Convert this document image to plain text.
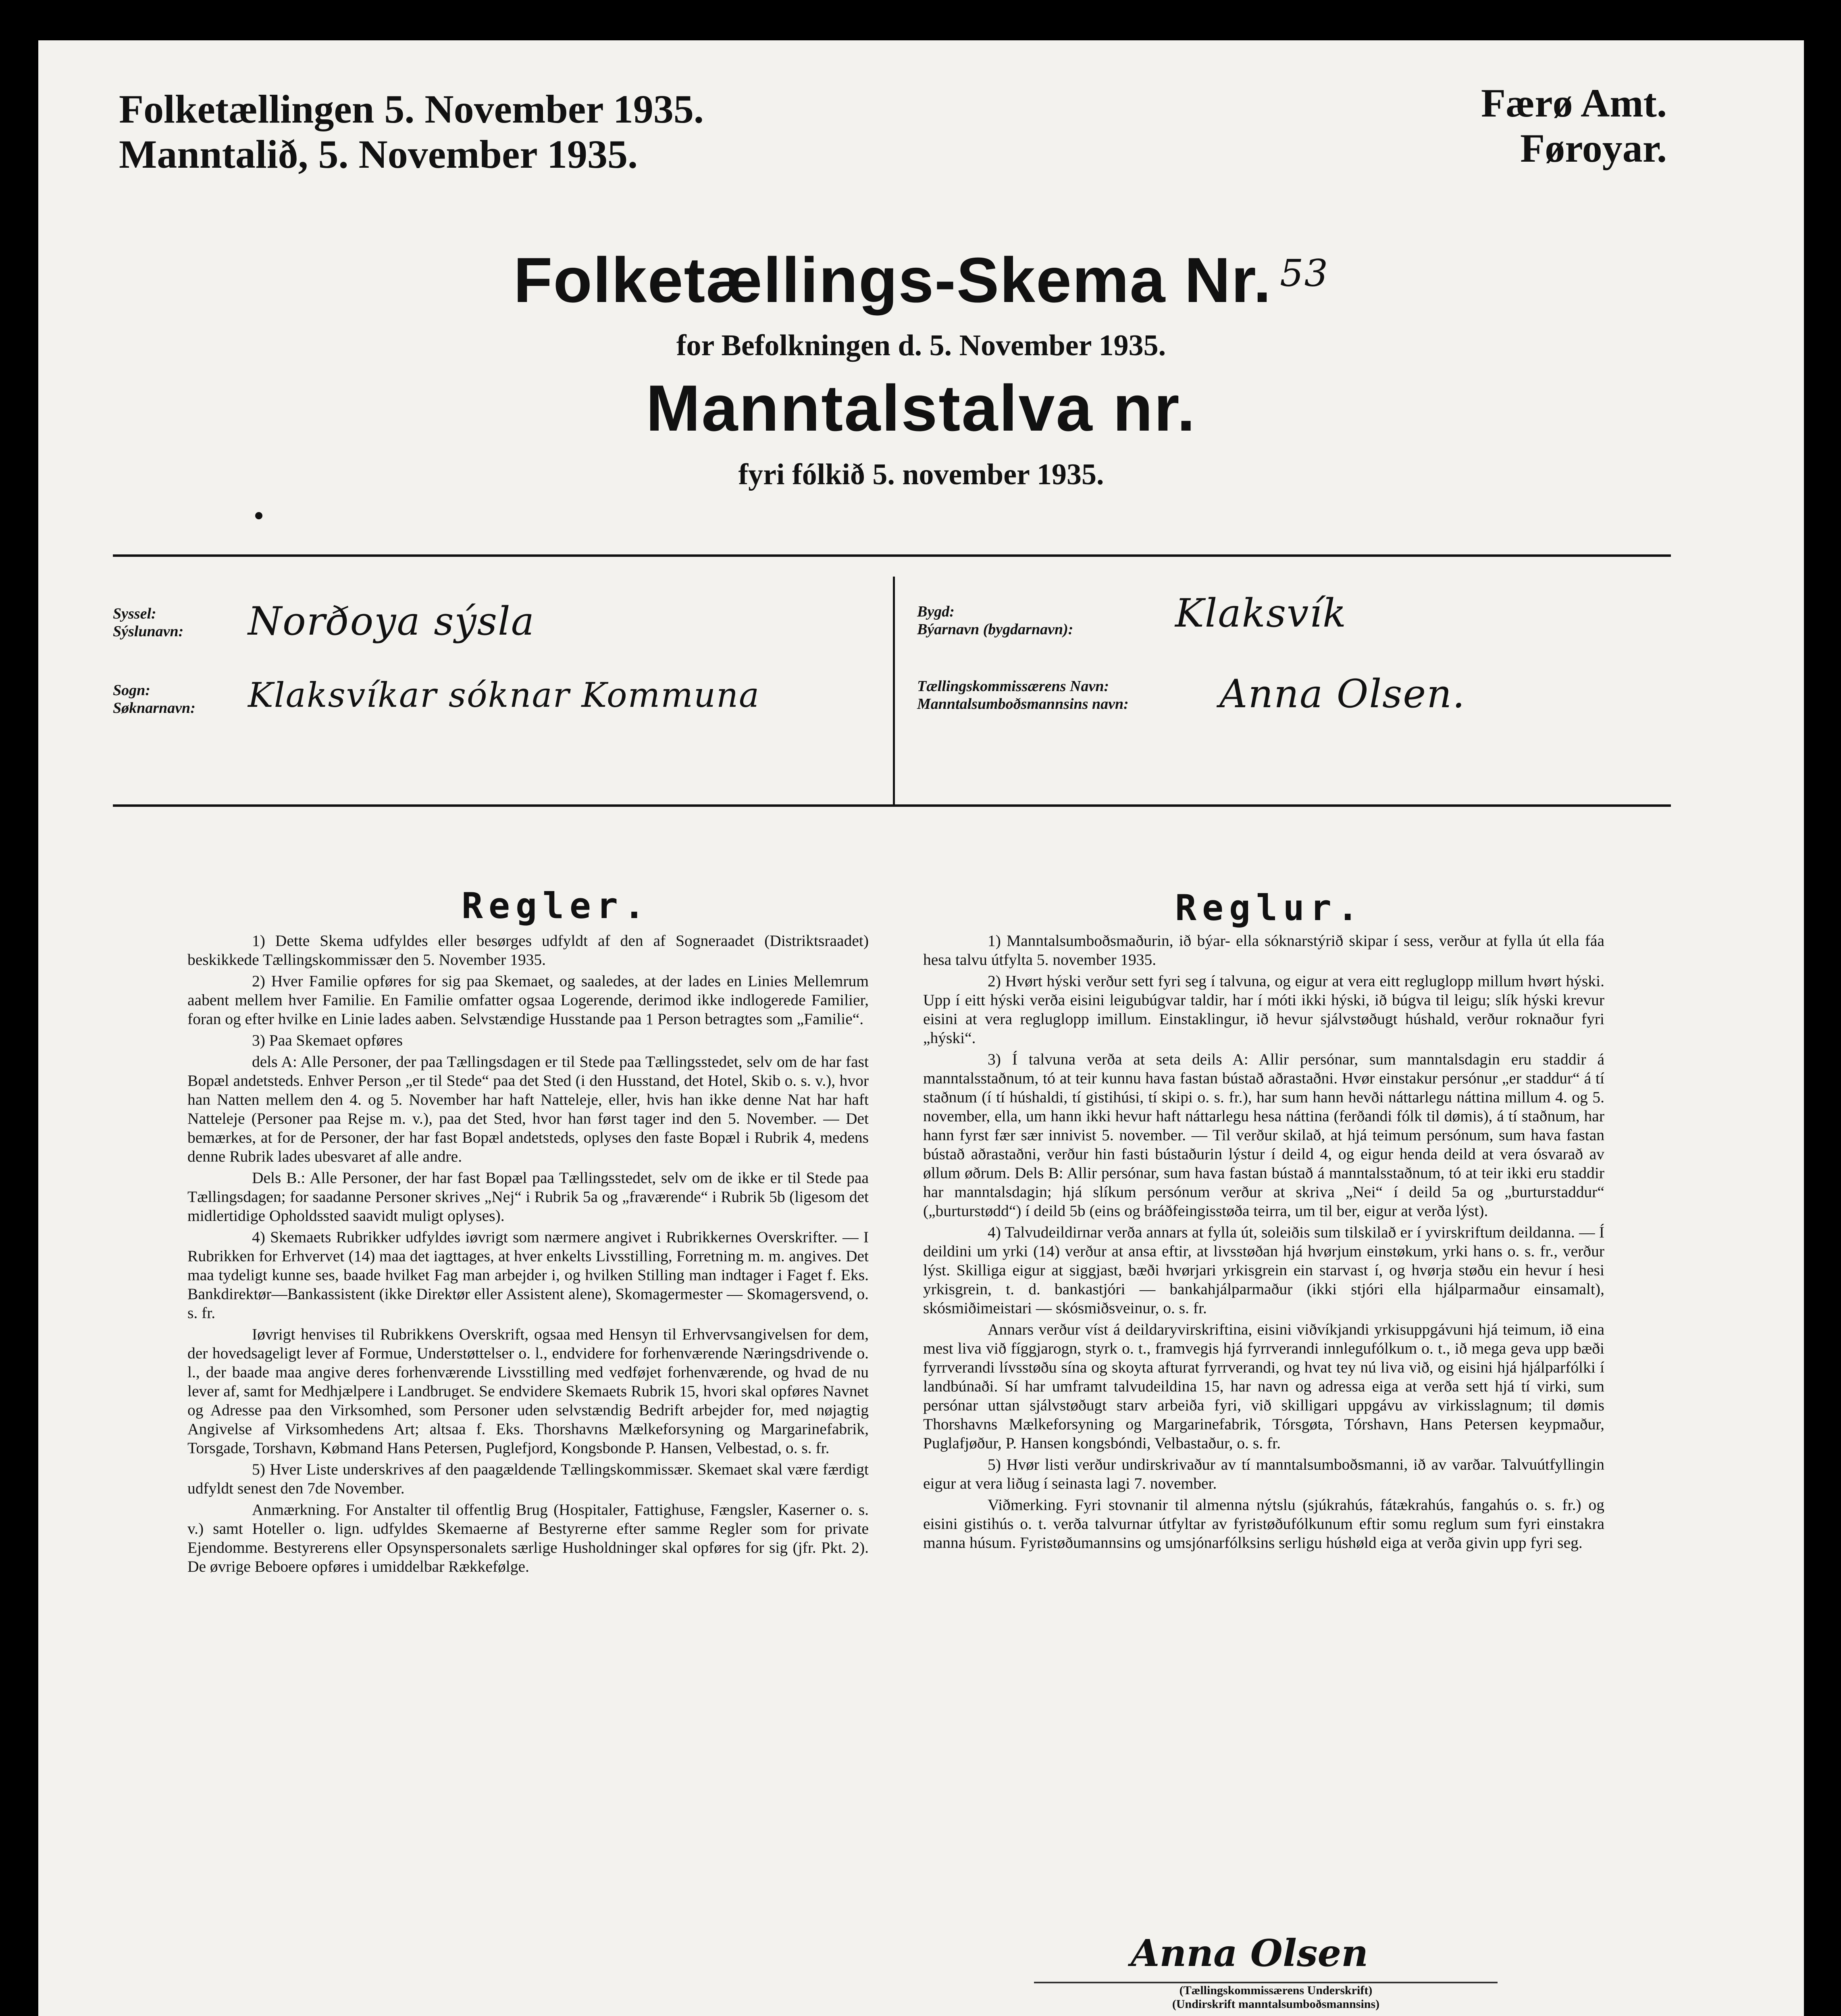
Folketællingen 5. November 1935.
Manntalið, 5. November 1935.
Færø Amt.
Føroyar.
Folketællings-Skema Nr. $^{53}$
for Befolkningen d. 5. November 1935.
Manntalstalva nr.
fyri fólkið 5. november 1935.
Syssel:
Sýslunavn: Norðoya sýsla
Sogn:
Søknarnavn: Klaksvíkar sóknar Kommuna
Bygd:
Býarnavn (bygdarnavn):	Klaksvík
Tællingskommissærens Navn:
Manntalsumboðsmannsins navn: Anna Olsen.
Regler.	Reglur.

1) Dette Skema udfyldes eller besørges udfyldt af den af Sogneraadet (Distriktsraadet) beskikkede Tællingskommissær den 5. November 1935.

2) Hver Familie opføres for sig paa Skemaet, og saaledes, at der lades en Linies Mellemrum aabent mellem hver Familie. En Familie omfatter ogsaa Logerende, derimod ikke indlogerede Familier, foran og efter hvilke en Linie lades aaben. Selvstændige Husstande paa 1 Person betragtes som „Familie“.

3) Paa Skemaet opføres

dels A: Alle Personer, der paa Tællingsdagen er til Stede paa Tællingsstedet, selv om de har fast Bopæl andetsteds. Enhver Person „er til Stede“ paa det Sted (i den Husstand, det Hotel, Skib o. s. v.), hvor han Natten mellem den 4. og 5. November har haft Natteleje, eller, hvis han ikke denne Nat har haft Natteleje (Personer paa Rejse m. v.), paa det Sted, hvor han først tager ind den 5. November. — Det bemærkes, at for de Personer, der har fast Bopæl andetsteds, oplyses den faste Bopæl i Rubrik 4, medens denne Rubrik lades ubesvaret af alle andre.

Dels B.: Alle Personer, der har fast Bopæl paa Tællingsstedet, selv om de ikke er til Stede paa Tællingsdagen; for saadanne Personer skrives „Nej“ i Rubrik 5a og „fraværende“ i Rubrik 5b (ligesom det midlertidige Opholdssted saavidt muligt oplyses).

4) Skemaets Rubrikker udfyldes iøvrigt som nærmere angivet i Rubrikkernes Overskrifter. — I Rubrikken for Erhvervet (14) maa det iagttages, at hver enkelts Livsstilling, Forretning m. m. angives. Det maa tydeligt kunne ses, baade hvilket Fag man arbejder i, og hvilken Stilling man indtager i Faget f. Eks. Bankdirektør—Bankassistent (ikke Direktør eller Assistent alene), Skomagermester — Skomagersvend, o. s. fr.

Iøvrigt henvises til Rubrikkens Overskrift, ogsaa med Hensyn til Erhvervsangivelsen for dem, der hovedsageligt lever af Formue, Understøttelser o. l., endvidere for forhenværende Næringsdrivende o. l., der baade maa angive deres forhenværende Livsstilling med vedføjet forhenværende, og hvad de nu lever af, samt for Medhjælpere i Landbruget. Se endvidere Skemaets Rubrik 15, hvori skal opføres Navnet og Adresse paa den Virksomhed, som Personer uden selvstændig Bedrift arbejder for, med nøjagtig Angivelse af Virksomhedens Art; altsaa f. Eks. Thorshavns Mælkeforsyning og Margarinefabrik, Torsgade, Torshavn, Købmand Hans Petersen, Puglefjord, Kongsbonde P. Hansen, Velbestad, o. s. fr.

5) Hver Liste underskrives af den paagældende Tællingskommissær. Skemaet skal være færdigt udfyldt senest den 7de November.

Anmærkning. For Anstalter til offentlig Brug (Hospitaler, Fattighuse, Fængsler, Kaserner o. s. v.) samt Hoteller o. lign. udfyldes Skemaerne af Bestyrerne efter samme Regler som for private Ejendomme. Bestyrerens eller Opsynspersonalets særlige Husholdninger skal opføres for sig (jfr. Pkt. 2). De øvrige Beboere opføres i umiddelbar Rækkefølge.

1) Manntalsumboðsmaðurin, ið býar- ella sóknarstýrið skipar í sess, verður at fylla út ella fáa hesa talvu útfylta 5. november 1935.

2) Hvørt hýski verður sett fyri seg í talvuna, og eigur at vera eitt regluglopp millum hvørt hýski. Upp í eitt hýski verða eisini leigubúgvar taldir, har í móti ikki hýski, ið búgva til leigu; slík hýski krevur eisini at vera regluglopp imillum. Einstaklingur, ið hevur sjálvstøðugt húshald, verður roknaður fyri „hýski“.

3) Í talvuna verða at seta deils A: Allir persónar, sum manntalsdagin eru staddir á manntalsstaðnum, tó at teir kunnu hava fastan bústað aðrastaðni. Hvør einstakur persónur „er staddur“ á tí staðnum (í tí húshaldi, tí gistihúsi, tí skipi o. s. fr.), har sum hann hevði náttarlegu náttina millum 4. og 5. november, ella, um hann ikki hevur haft náttarlegu hesa náttina (ferðandi fólk til dømis), á tí staðnum, har hann fyrst fær sær innivist 5. november. — Til verður skilað, at hjá teimum persónum, sum hava fastan bústað aðrastaðni, verður hin fasti bústaðurin lýstur í deild 4, og eigur henda deild at vera ósvarað av øllum øðrum. Dels B: Allir persónar, sum hava fastan bústað á manntalsstaðnum, tó at teir ikki eru staddir har manntalsdagin; hjá slíkum persónum verður at skriva „Nei“ í deild 5a og „burturstaddur“ („burturstødd“) í deild 5b (eins og bráðfeingisstøða teirra, um til ber, eigur at verða lýst).

4) Talvudeildirnar verða annars at fylla út, soleiðis sum tilskilað er í yvirskriftum deildanna. — Í deildini um yrki (14) verður at ansa eftir, at livsstøðan hjá hvørjum einstøkum, yrki hans o. s. fr., verður lýst. Skilliga eigur at siggjast, bæði hvørjari yrkisgrein ein starvast í, og hvørja støðu ein hevur í hesi yrkisgrein, t. d. bankastjóri — bankahjálparmaður (ikki stjóri ella hjálparmaður einsamalt), skósmiðimeistari — skósmiðsveinur, o. s. fr.

Annars verður víst á deildaryvirskriftina, eisini viðvíkjandi yrkisuppgávuni hjá teimum, ið eina mest liva við fíggjarogn, styrk o. t., framvegis hjá fyrrverandi innlegufólkum o. t., ið mega geva upp bæði fyrrverandi lívsstøðu sína og skoyta afturat fyrrverandi, og hvat tey nú liva við, og eisini hjá hjálparfólki í landbúnaði. Sí har umframt talvudeildina 15, har navn og adressa eiga at verða sett hjá tí virki, sum persónar uttan sjálvstøðugt starv arbeiða fyri, við skilligari uppgávu av virkisslagnum; til dømis Thorshavns Mælkeforsyning og Margarinefabrik, Tórsgøta, Tórshavn, Hans Petersen keypmaður, Puglafjøður, P. Hansen kongsbóndi, Velbastaður, o. s. fr.

5) Hvør listi verður undirskrivaður av tí manntalsumboðsmanni, ið av varðar. Talvuútfyllingin eigur at vera liðug í seinasta lagi 7. november.

Viðmerking. Fyri stovnanir til almenna nýtslu (sjúkrahús, fátækrahús, fangahús o. s. fr.) og eisini gistihús o. t. verða talvurnar útfyltar av fyristøðufólkunum eftir somu reglum sum fyri einstakra manna húsum. Fyristøðumannsins og umsjónarfólksins serligu húshøld eiga at verða givin upp fyri seg.

Anna Olsen
(Tællingskommissærens Underskrift)
(Undirskrift manntalsumboðsmannsins)
